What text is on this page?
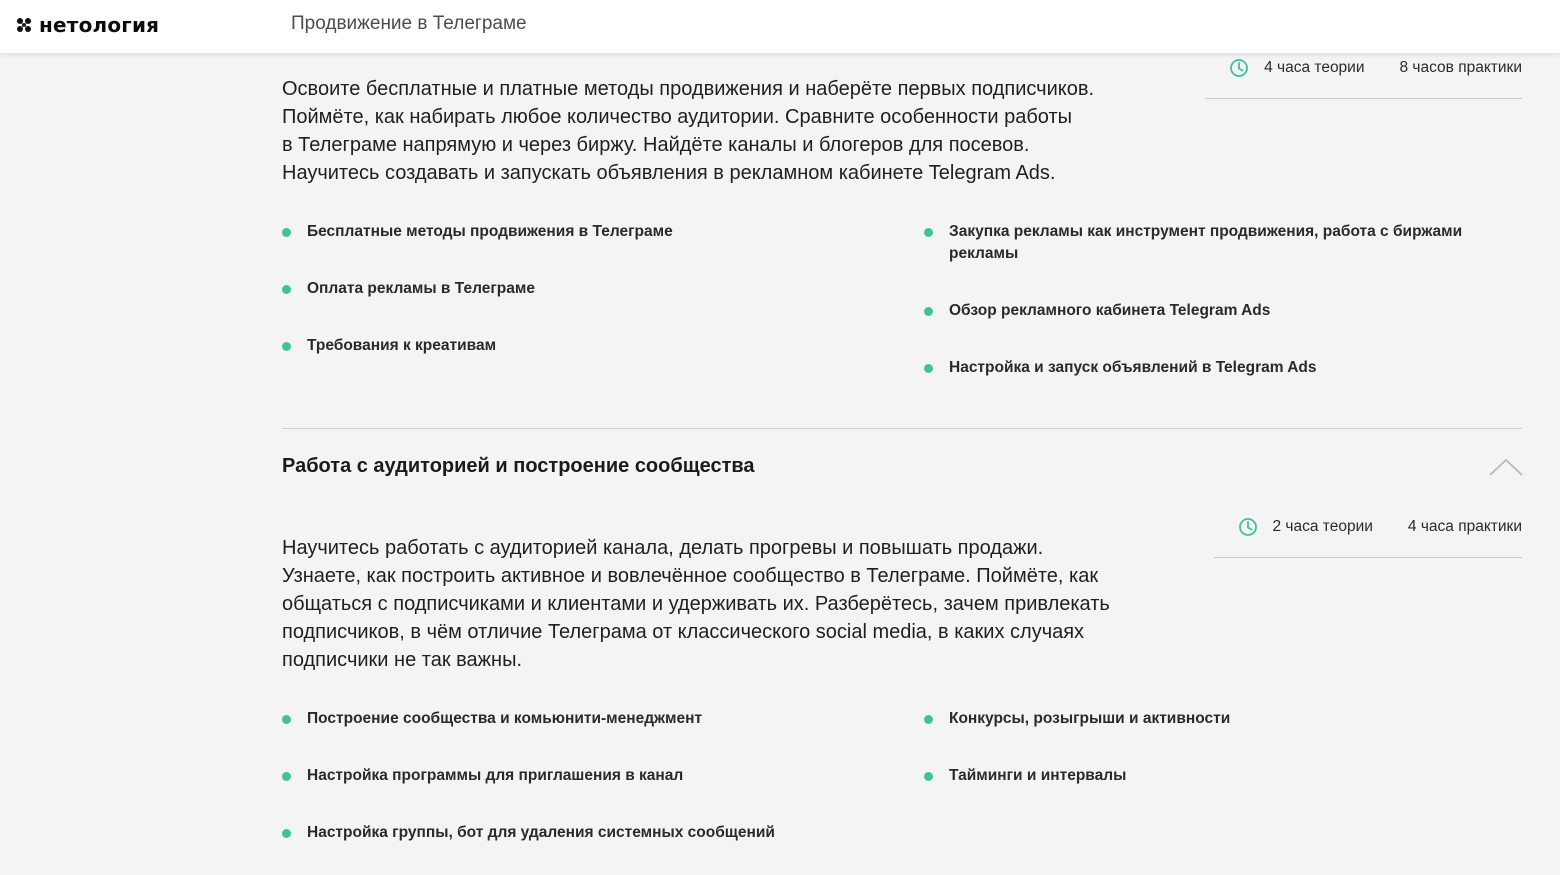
нетология	Продвижение в Телеграме
4 часа теории 8 часов практики
Освоите бесплатные и платные методы продвижения и наберёте первых подписчиков.
Поймёте, как набирать любое количество аудитории. Сравните особенности работы
в Телеграме напрямую и через биржу. Найдёте каналы и блогеров для посевов.
Научитесь создавать и запускать объявления в рекламном кабинете Telegram Ads.
Бесплатные методы продвижения в Телеграме
Оплата рекламы в Телеграме
Требования к креативам
Закупка рекламы как инструмент продвижения, работа с биржами рекламы
Обзор рекламного кабинета Telegram Ads
Настройка и запуск объявлений в Telegram Ads
Работа с аудиторией и построение сообщества
2 часа теории 4 часа практики
Научитесь работать с аудиторией канала, делать прогревы и повышать продажи.
Узнаете, как построить активное и вовлечённое сообщество в Телеграме. Поймёте, как
общаться с подписчиками и клиентами и удерживать их. Разберётесь, зачем привлекать
подписчиков, в чём отличие Телеграма от классического social media, в каких случаях
подписчики не так важны.
Построение сообщества и комьюнити-менеджмент
Настройка программы для приглашения в канал
Настройка группы, бот для удаления системных сообщений
Конкурсы, розыгрыши и активности
Тайминги и интервалы
